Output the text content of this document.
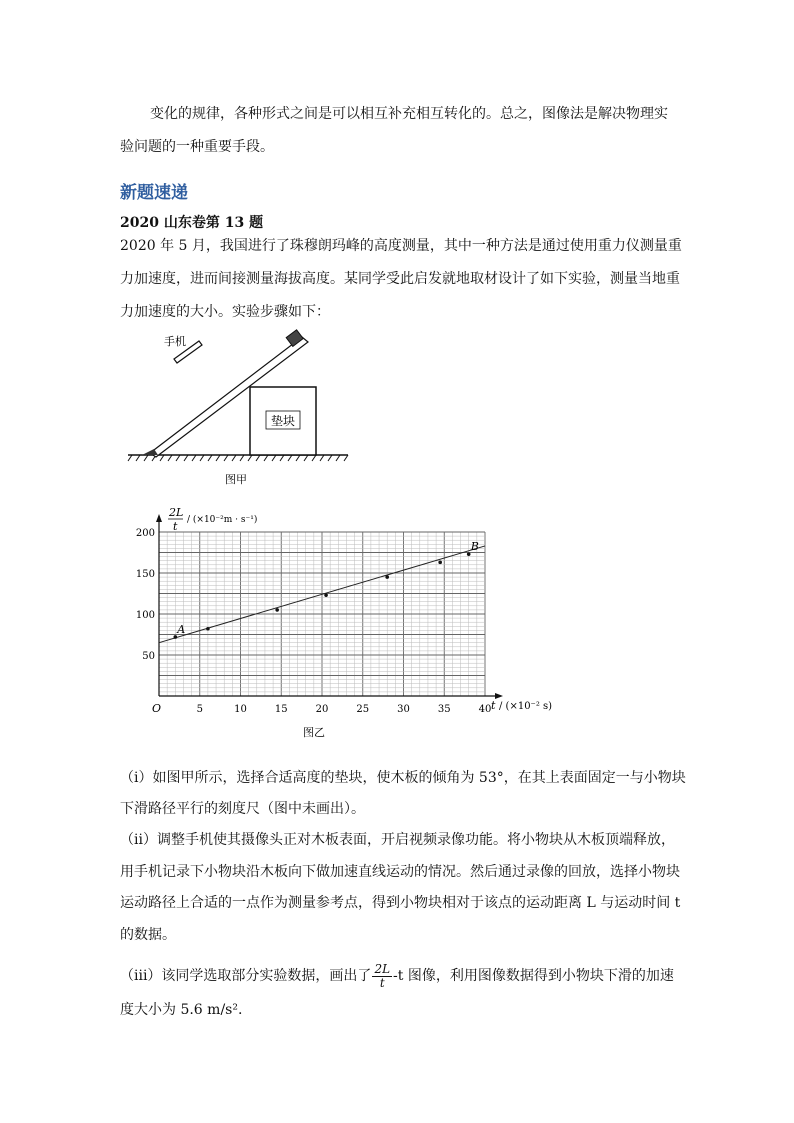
变化的规律，各种形式之间是可以相互补充相互转化的。总之，图像法是解决物理实
验问题的一种重要手段。
新题速递
2020 山东卷第 13 题
2020 年 5 月，我国进行了珠穆朗玛峰的高度测量，其中一种方法是通过使用重力仪测量重
力加速度，进而间接测量海拔高度。某同学受此启发就地取材设计了如下实验，测量当地重
力加速度的大小。实验步骤如下：
垫块
手机
图甲
2L
t / (×10⁻²m · s⁻¹)
t / (×10⁻² s)
O	5	10	15	20	25	30	35	40
50
100
150
200
A
B
图乙
（i）如图甲所示，选择合适高度的垫块，使木板的倾角为 53°，在其上表面固定一与小物块
下滑路径平行的刻度尺（图中未画出）。
（ii）调整手机使其摄像头正对木板表面，开启视频录像功能。将小物块从木板顶端释放，
用手机记录下小物块沿木板向下做加速直线运动的情况。然后通过录像的回放，选择小物块
运动路径上合适的一点作为测量参考点，得到小物块相对于该点的运动距离 L 与运动时间 t
的数据。
（iii）该同学选取部分实验数据，画出了 $\frac{2L}{t} -t$ 图像，利用图像数据得到小物块下滑的加速
度大小为 5.6 m/s².
